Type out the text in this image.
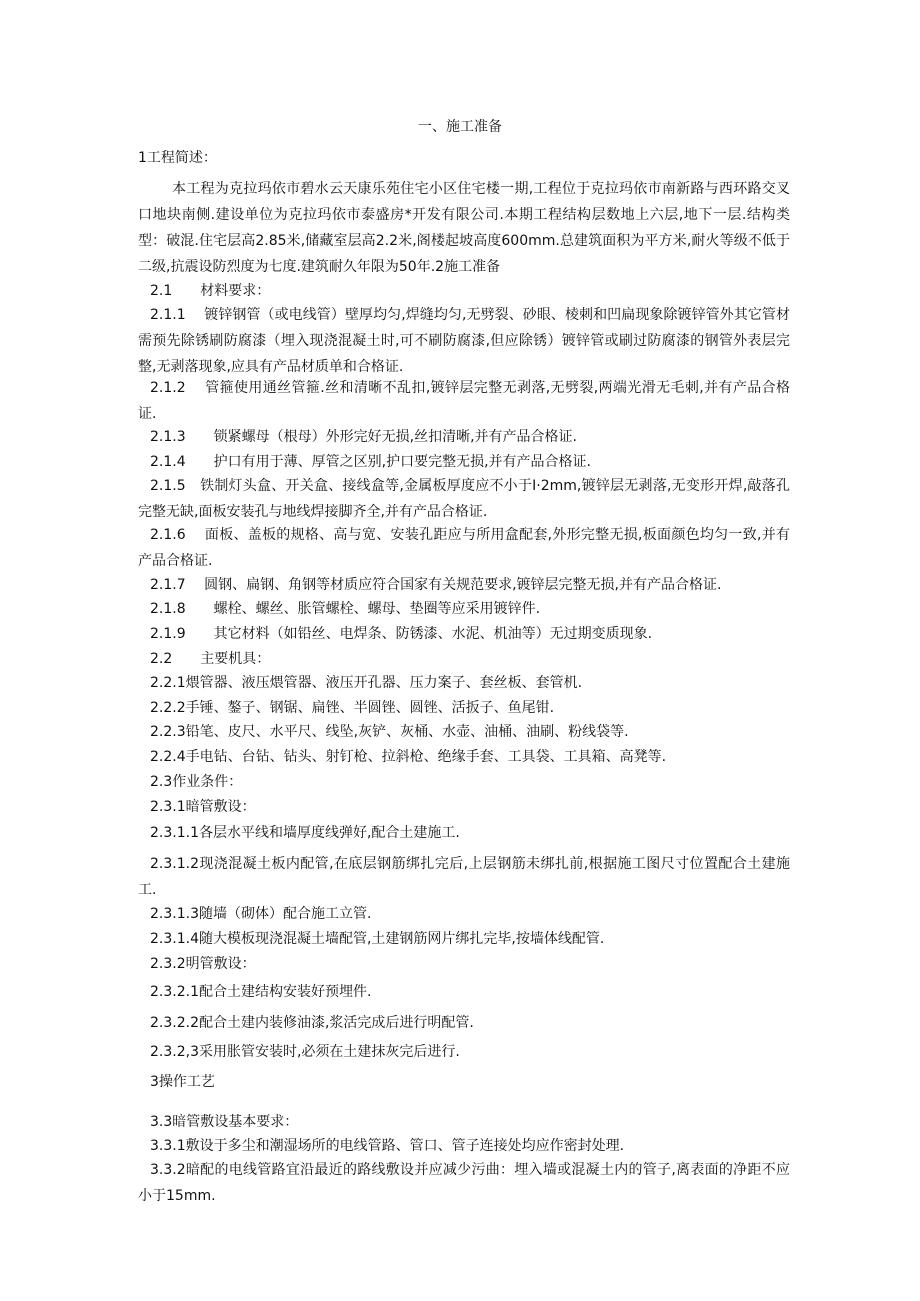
一、施工准备
1工程简述：
本工程为克拉玛依市碧水云天康乐苑住宅小区住宅楼一期,工程位于克拉玛依市南新路与西环路交叉口地块南侧.建设单位为克拉玛依市泰盛房*开发有限公司.本期工程结构层数地上六层,地下一层.结构类型：破混.住宅层高2.85米,储藏室层高2.2米,阁楼起坡高度600mm.总建筑面积为平方米,耐火等级不低于二级,抗震设防烈度为七度.建筑耐久年限为50年.2施工准备
2.1　　材料要求：
2.1.1　 镀锌钢管（或电线管）壁厚均匀,焊缝均匀,无劈裂、砂眼、棱刺和凹扁现象除镀锌管外其它管材需预先除锈刷防腐漆（埋入现浇混凝土时,可不刷防腐漆,但应除锈）镀锌管或刷过防腐漆的钢管外表层完整,无剥落现象,应具有产品材质单和合格证.
2.1.2　 管箍使用通丝管箍.丝和清晰不乱扣,镀锌层完整无剥落,无劈裂,两端光滑无毛刺,并有产品合格证.
2.1.3　　锁紧螺母（根母）外形完好无损,丝扣清晰,并有产品合格证.
2.1.4　　护口有用于薄、厚管之区别,护口要完整无损,并有产品合格证.
2.1.5　铁制灯头盒、开关盒、接线盒等,金属板厚度应不小于I·2mm,镀锌层无剥落,无变形开焊,敲落孔完整无缺,面板安装孔与地线焊接脚齐全,并有产品合格证.
2.1.6　 面板、盖板的规格、高与宽、安装孔距应与所用盒配套,外形完整无损,板面颜色均匀一致,并有产品合格证.
2.1.7　 圆钢、扁钢、角钢等材质应符合国家有关规范要求,镀锌层完整无损,并有产品合格证.
2.1.8　　螺栓、螺丝、胀管螺栓、螺母、垫圈等应采用镀锌件.
2.1.9　　其它材料（如铅丝、电焊条、防锈漆、水泥、机油等）无过期变质现象.
2.2　　主要机具：
2.2.1煨管器、液压煨管器、液压开孔器、压力案子、套丝板、套管机.
2.2.2手锤、鏊子、钢锯、扁锉、半圆锉、圆锉、活扳子、鱼尾钳.
2.2.3铅笔、皮尺、水平尺、线坠,灰铲、灰桶、水壶、油桶、油刷、粉线袋等.
2.2.4手电钻、台钻、钻头、射钉枪、拉斜枪、绝缘手套、工具袋、工具箱、高凳等.
2.3作业条件：
2.3.1暗管敷设：
2.3.1.1各层水平线和墙厚度线弹好,配合土建施工.
2.3.1.2现浇混凝土板内配管,在底层钢筋绑扎完后,上层钢筋未绑扎前,根据施工图尺寸位置配合土建施工.
2.3.1.3随墙（砌体）配合施工立管.
2.3.1.4随大模板现浇混凝土墙配管,土建钢筋网片绑扎完毕,按墙体线配管.
2.3.2明管敷设：
2.3.2.1配合土建结构安装好预埋件.
2.3.2.2配合土建内装修油漆,浆活完成后进行明配管.
2.3.2,3采用胀管安装时,必须在土建抹灰完后进行.
3操作工艺
3.3暗管敷设基本要求：
3.3.1敷设于多尘和潮湿场所的电线管路、管口、管子连接处均应作密封处理.
3.3.2暗配的电线管路宜沿最近的路线敷设并应减少污曲：埋入墙或混凝土内的管子,离表面的净距不应小于15mm.
